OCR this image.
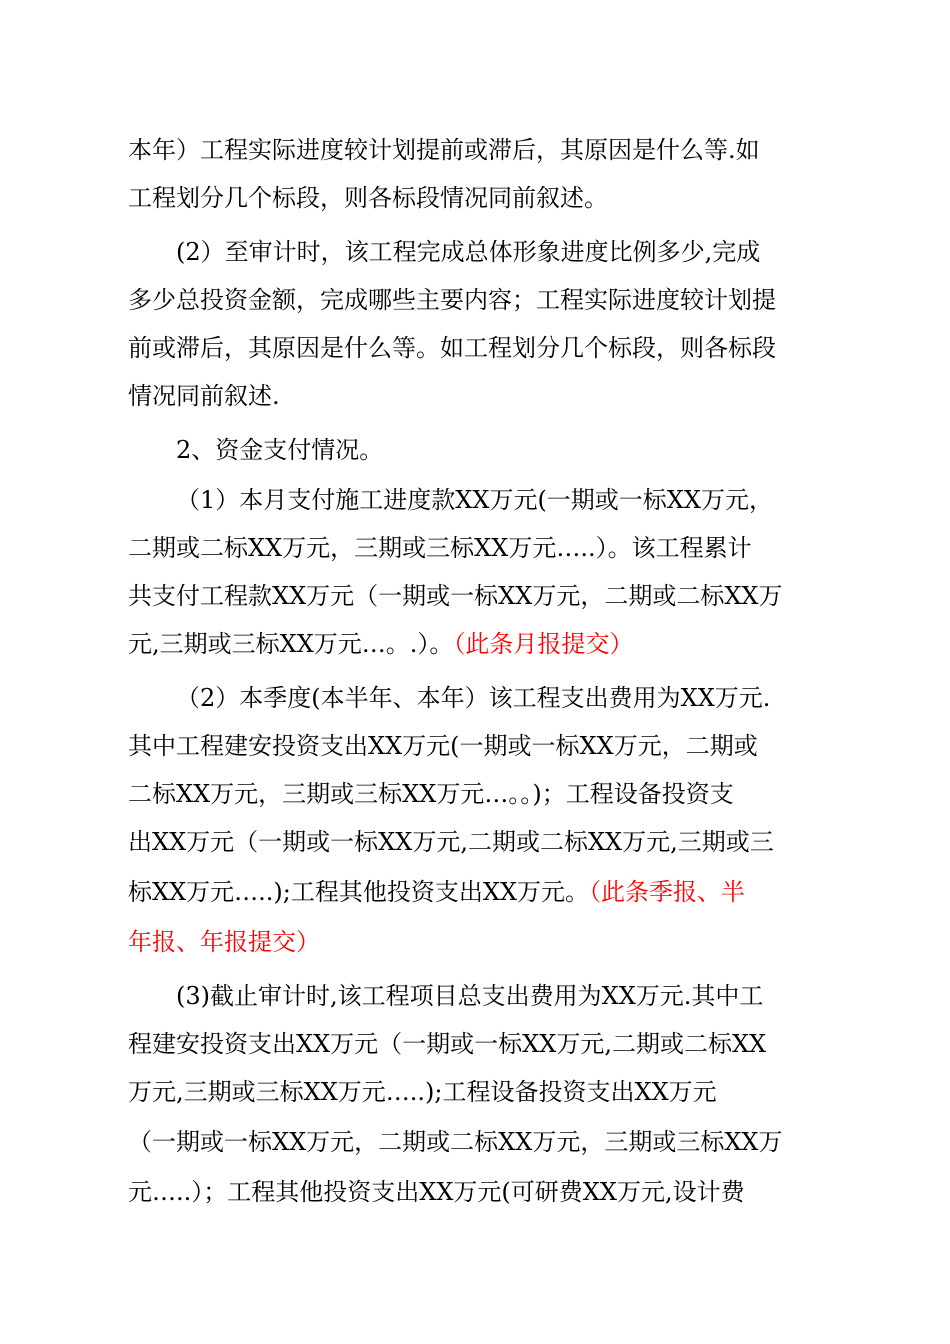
本年）工程实际进度较计划提前或滞后，其原因是什么等.如
工程划分几个标段，则各标段情况同前叙述。
(2）至审计时，该工程完成总体形象进度比例多少,完成
多少总投资金额，完成哪些主要内容；工程实际进度较计划提
前或滞后，其原因是什么等。如工程划分几个标段，则各标段
情况同前叙述.
2、资金支付情况。
（1）本月支付施工进度款XX万元(一期或一标XX万元，
二期或二标XX万元，三期或三标XX万元…..）。该工程累计
共支付工程款XX万元（一期或一标XX万元，二期或二标XX万
元,三期或三标XX万元…。.）。（此条月报提交）
（2）本季度(本半年、本年）该工程支出费用为XX万元.
其中工程建安投资支出XX万元(一期或一标XX万元，二期或
二标XX万元，三期或三标XX万元…。。)；工程设备投资支
出XX万元（一期或一标XX万元,二期或二标XX万元,三期或三
标XX万元…..);工程其他投资支出XX万元。（此条季报、半
年报、年报提交）
(3)截止审计时,该工程项目总支出费用为XX万元.其中工
程建安投资支出XX万元（一期或一标XX万元,二期或二标XX
万元,三期或三标XX万元…..);工程设备投资支出XX万元
（一期或一标XX万元，二期或二标XX万元，三期或三标XX万
元…..）；工程其他投资支出XX万元(可研费XX万元,设计费
